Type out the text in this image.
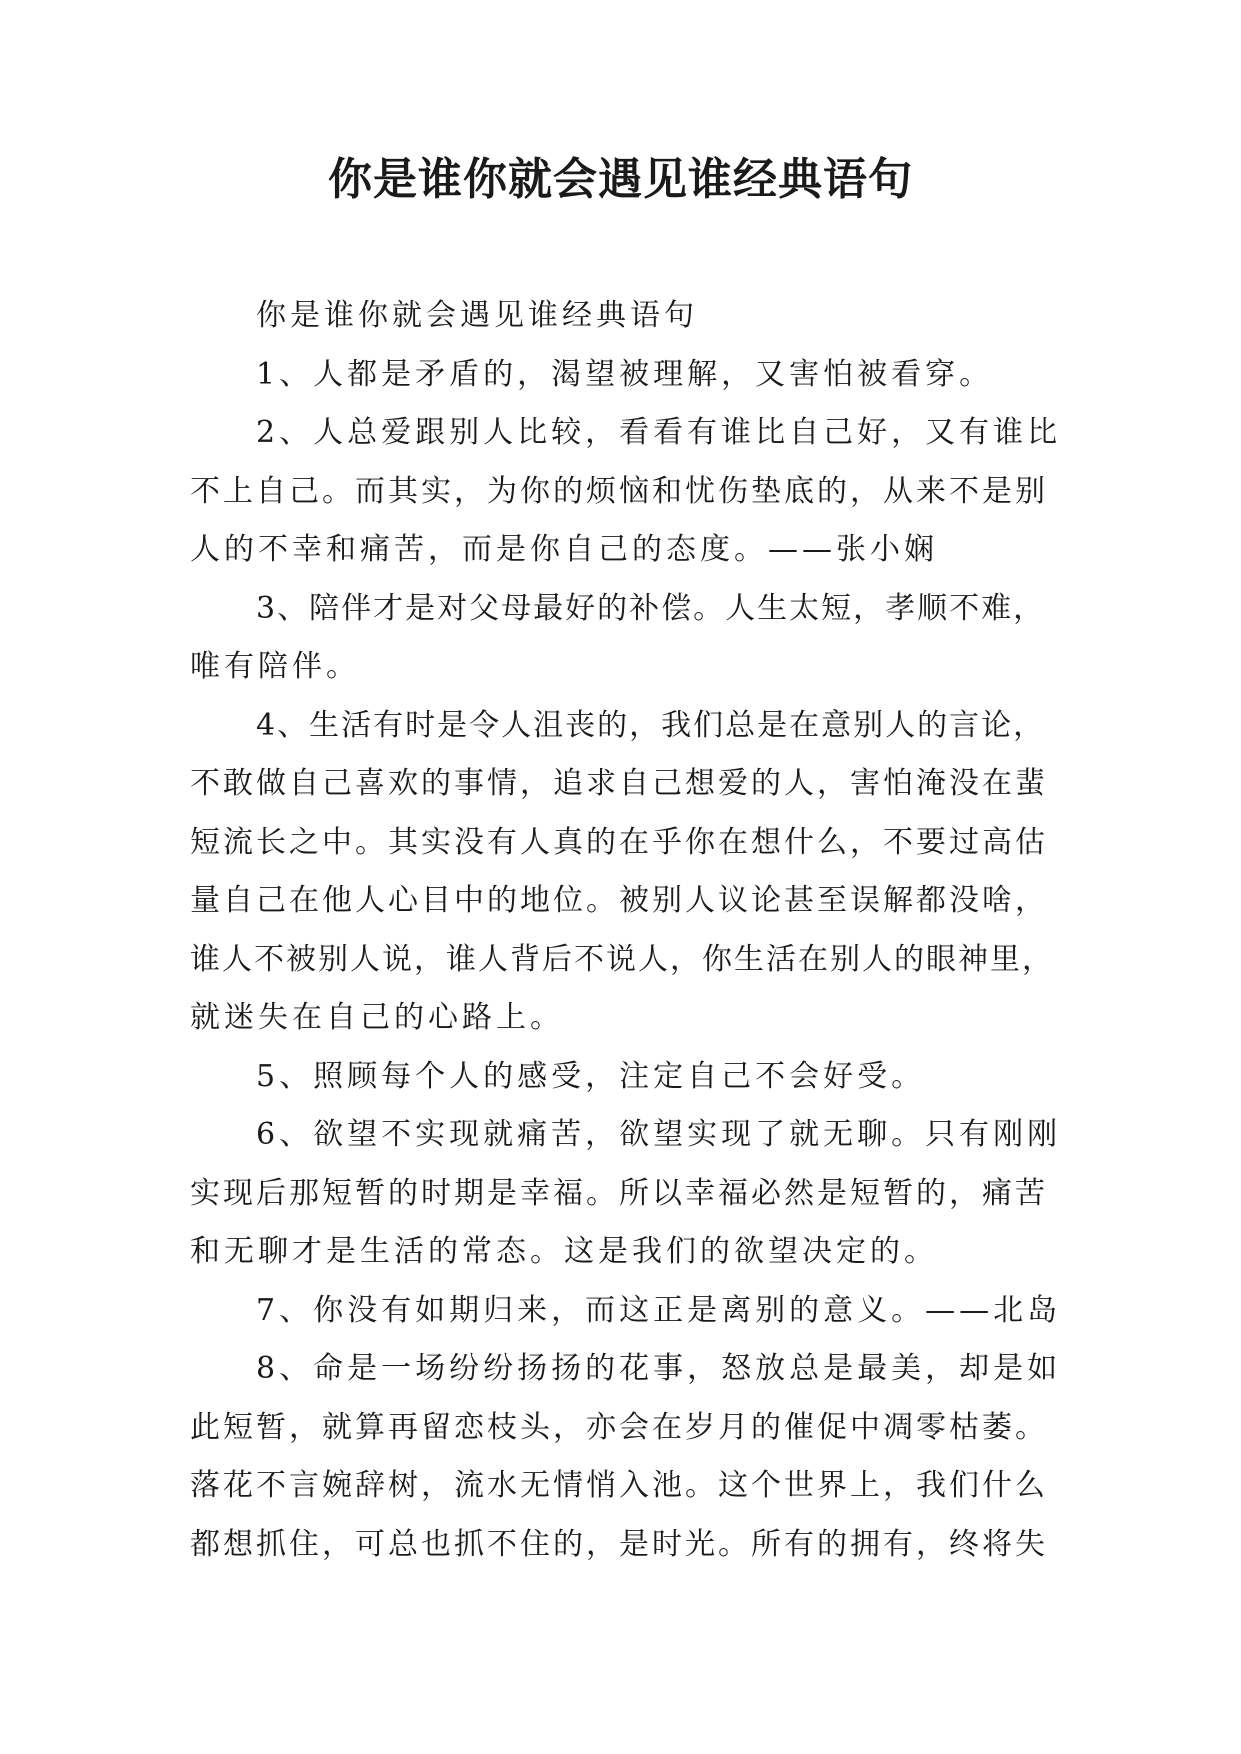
你是谁你就会遇见谁经典语句
你是谁你就会遇见谁经典语句
1、人都是矛盾的，渴望被理解，又害怕被看穿。
2、人总爱跟别人比较，看看有谁比自己好，又有谁比
不上自己。而其实，为你的烦恼和忧伤垫底的，从来不是别
人的不幸和痛苦，而是你自己的态度。——张小娴
3、陪伴才是对父母最好的补偿。人生太短，孝顺不难，
唯有陪伴。
4、生活有时是令人沮丧的，我们总是在意别人的言论，
不敢做自己喜欢的事情，追求自己想爱的人，害怕淹没在蜚
短流长之中。其实没有人真的在乎你在想什么，不要过高估
量自己在他人心目中的地位。被别人议论甚至误解都没啥，
谁人不被别人说，谁人背后不说人，你生活在别人的眼神里，
就迷失在自己的心路上。
5、照顾每个人的感受，注定自己不会好受。
6、欲望不实现就痛苦，欲望实现了就无聊。只有刚刚
实现后那短暂的时期是幸福。所以幸福必然是短暂的，痛苦
和无聊才是生活的常态。这是我们的欲望决定的。
7、你没有如期归来，而这正是离别的意义。——北岛
8、命是一场纷纷扬扬的花事，怒放总是最美，却是如
此短暂，就算再留恋枝头，亦会在岁月的催促中凋零枯萎。
落花不言婉辞树，流水无情悄入池。这个世界上，我们什么
都想抓住，可总也抓不住的，是时光。所有的拥有，终将失
